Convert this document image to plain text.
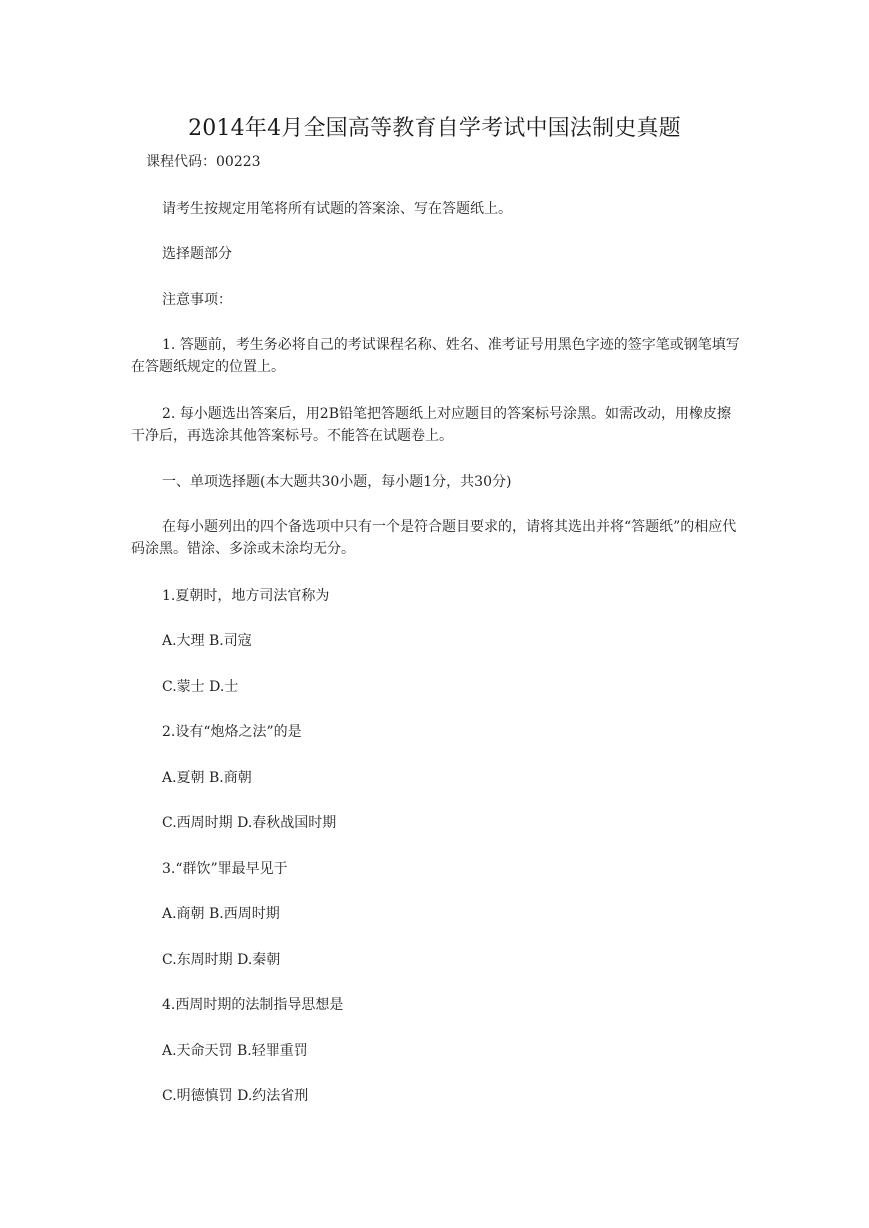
2014年4月全国高等教育自学考试中国法制史真题
课程代码：00223
请考生按规定用笔将所有试题的答案涂、写在答题纸上。
选择题部分
注意事项：
1. 答题前，考生务必将自己的考试课程名称、姓名、准考证号用黑色字迹的签字笔或钢笔填写在答题纸规定的位置上。
2. 每小题选出答案后，用2B铅笔把答题纸上对应题目的答案标号涂黑。如需改动，用橡皮擦干净后，再选涂其他答案标号。不能答在试题卷上。
一、单项选择题(本大题共30小题，每小题1分，共30分)
在每小题列出的四个备选项中只有一个是符合题目要求的，请将其选出并将“答题纸”的相应代码涂黑。错涂、多涂或未涂均无分。
1.夏朝时，地方司法官称为
A.大理 B.司寇
C.蒙士 D.士
2.设有“炮烙之法”的是
A.夏朝 B.商朝
C.西周时期 D.春秋战国时期
3.“群饮”罪最早见于
A.商朝 B.西周时期
C.东周时期 D.秦朝
4.西周时期的法制指导思想是
A.天命天罚 B.轻罪重罚
C.明德慎罚 D.约法省刑
